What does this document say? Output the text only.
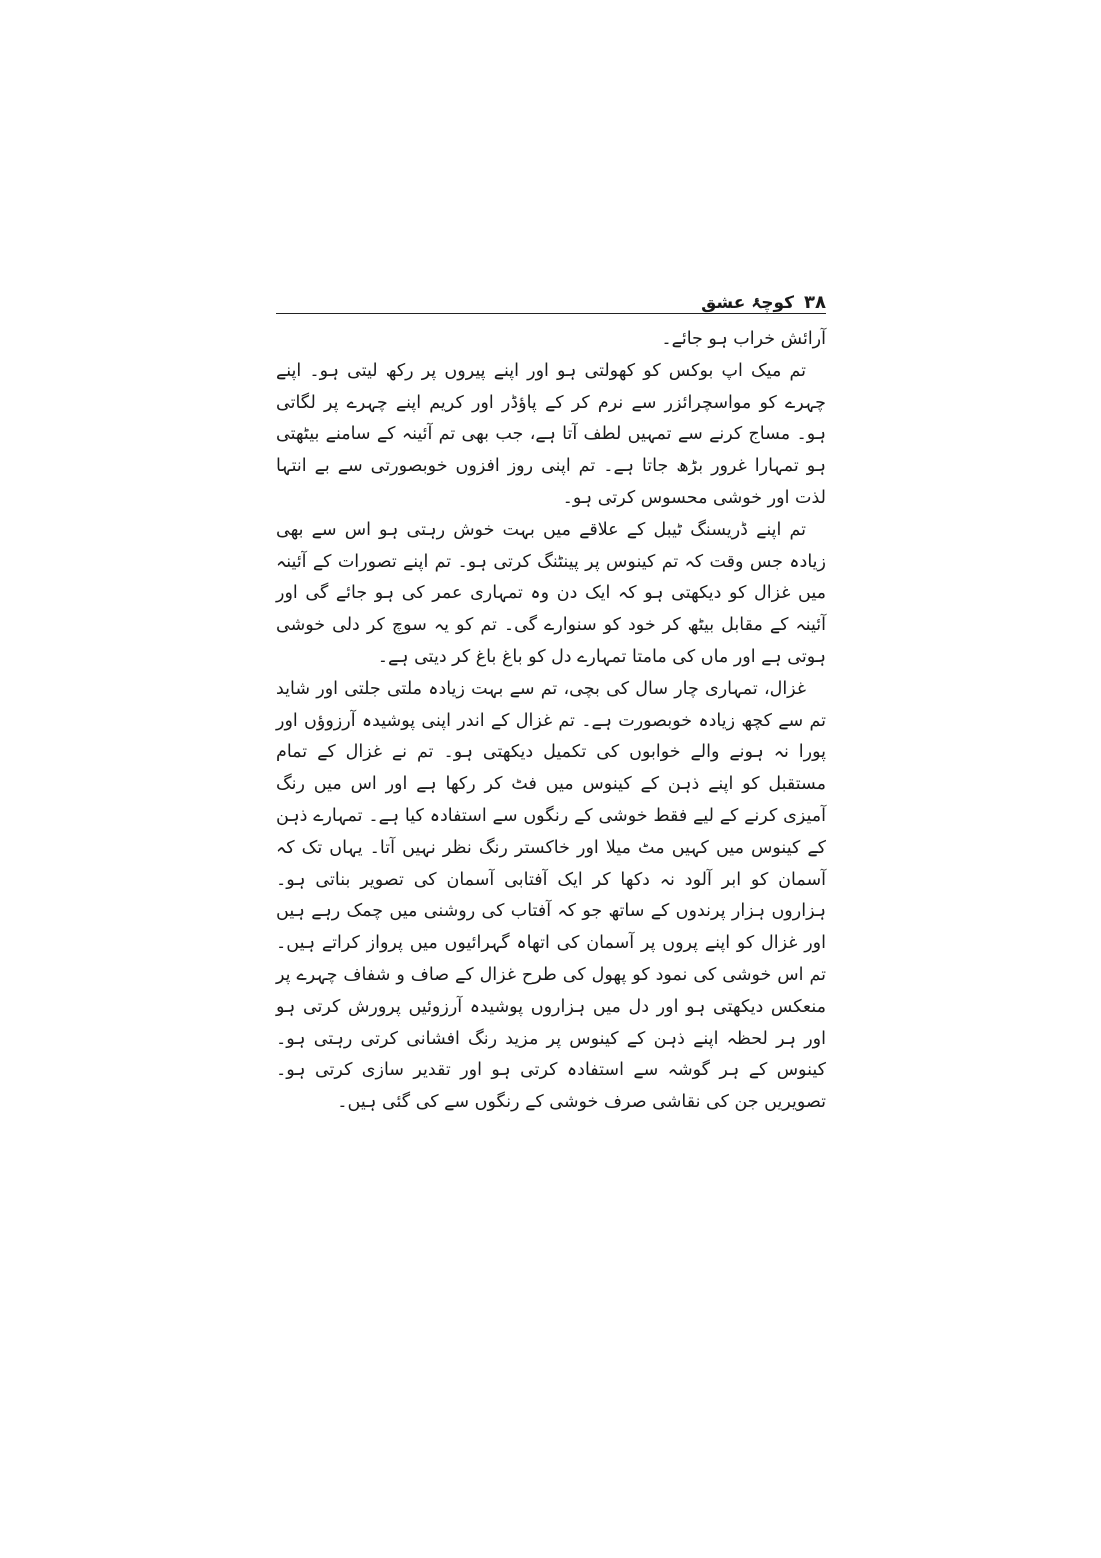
۳۸
کوچۂ عشق

آرائش خراب ہو جائے۔

تم میک اپ بوکس کو کھولتی ہو اور اپنے پیروں پر رکھ لیتی ہو۔ اپنے چہرے کو مواسچرائزر سے نرم کر کے پاؤڈر اور کریم اپنے چہرے پر لگاتی ہو۔ مساج کرنے سے تمہیں لطف آتا ہے، جب بھی تم آئینہ کے سامنے بیٹھتی ہو تمہارا غرور بڑھ جاتا ہے۔ تم اپنی روز افزوں خوبصورتی سے بے انتہا لذت اور خوشی محسوس کرتی ہو۔

تم اپنے ڈریسنگ ٹیبل کے علاقے میں بہت خوش رہتی ہو اس سے بھی زیادہ جس وقت کہ تم کینوس پر پینٹنگ کرتی ہو۔ تم اپنے تصورات کے آئینہ میں غزال کو دیکھتی ہو کہ ایک دن وہ تمہاری عمر کی ہو جائے گی اور آئینہ کے مقابل بیٹھ کر خود کو سنوارے گی۔ تم کو یہ سوچ کر دلی خوشی ہوتی ہے اور ماں کی مامتا تمہارے دل کو باغ باغ کر دیتی ہے۔

غزال، تمہاری چار سال کی بچی، تم سے بہت زیادہ ملتی جلتی اور شاید تم سے کچھ زیادہ خوبصورت ہے۔ تم غزال کے اندر اپنی پوشیدہ آرزوؤں اور پورا نہ ہونے والے خوابوں کی تکمیل دیکھتی ہو۔ تم نے غزال کے تمام مستقبل کو اپنے ذہن کے کینوس میں فٹ کر رکھا ہے اور اس میں رنگ آمیزی کرنے کے لیے فقط خوشی کے رنگوں سے استفادہ کیا ہے۔ تمہارے ذہن کے کینوس میں کہیں مٹ میلا اور خاکستر رنگ نظر نہیں آتا۔ یہاں تک کہ آسمان کو ابر آلود نہ دکھا کر ایک آفتابی آسمان کی تصویر بناتی ہو۔ ہزاروں ہزار پرندوں کے ساتھ جو کہ آفتاب کی روشنی میں چمک رہے ہیں اور غزال کو اپنے پروں پر آسمان کی اتھاہ گہرائیوں میں پرواز کراتے ہیں۔ تم اس خوشی کی نمود کو پھول کی طرح غزال کے صاف و شفاف چہرے پر منعکس دیکھتی ہو اور دل میں ہزاروں پوشیدہ آرزوئیں پرورش کرتی ہو اور ہر لحظہ اپنے ذہن کے کینوس پر مزید رنگ افشانی کرتی رہتی ہو۔ کینوس کے ہر گوشہ سے استفادہ کرتی ہو اور تقدیر سازی کرتی ہو۔ تصویریں جن کی نقاشی صرف خوشی کے رنگوں سے کی گئی ہیں۔
